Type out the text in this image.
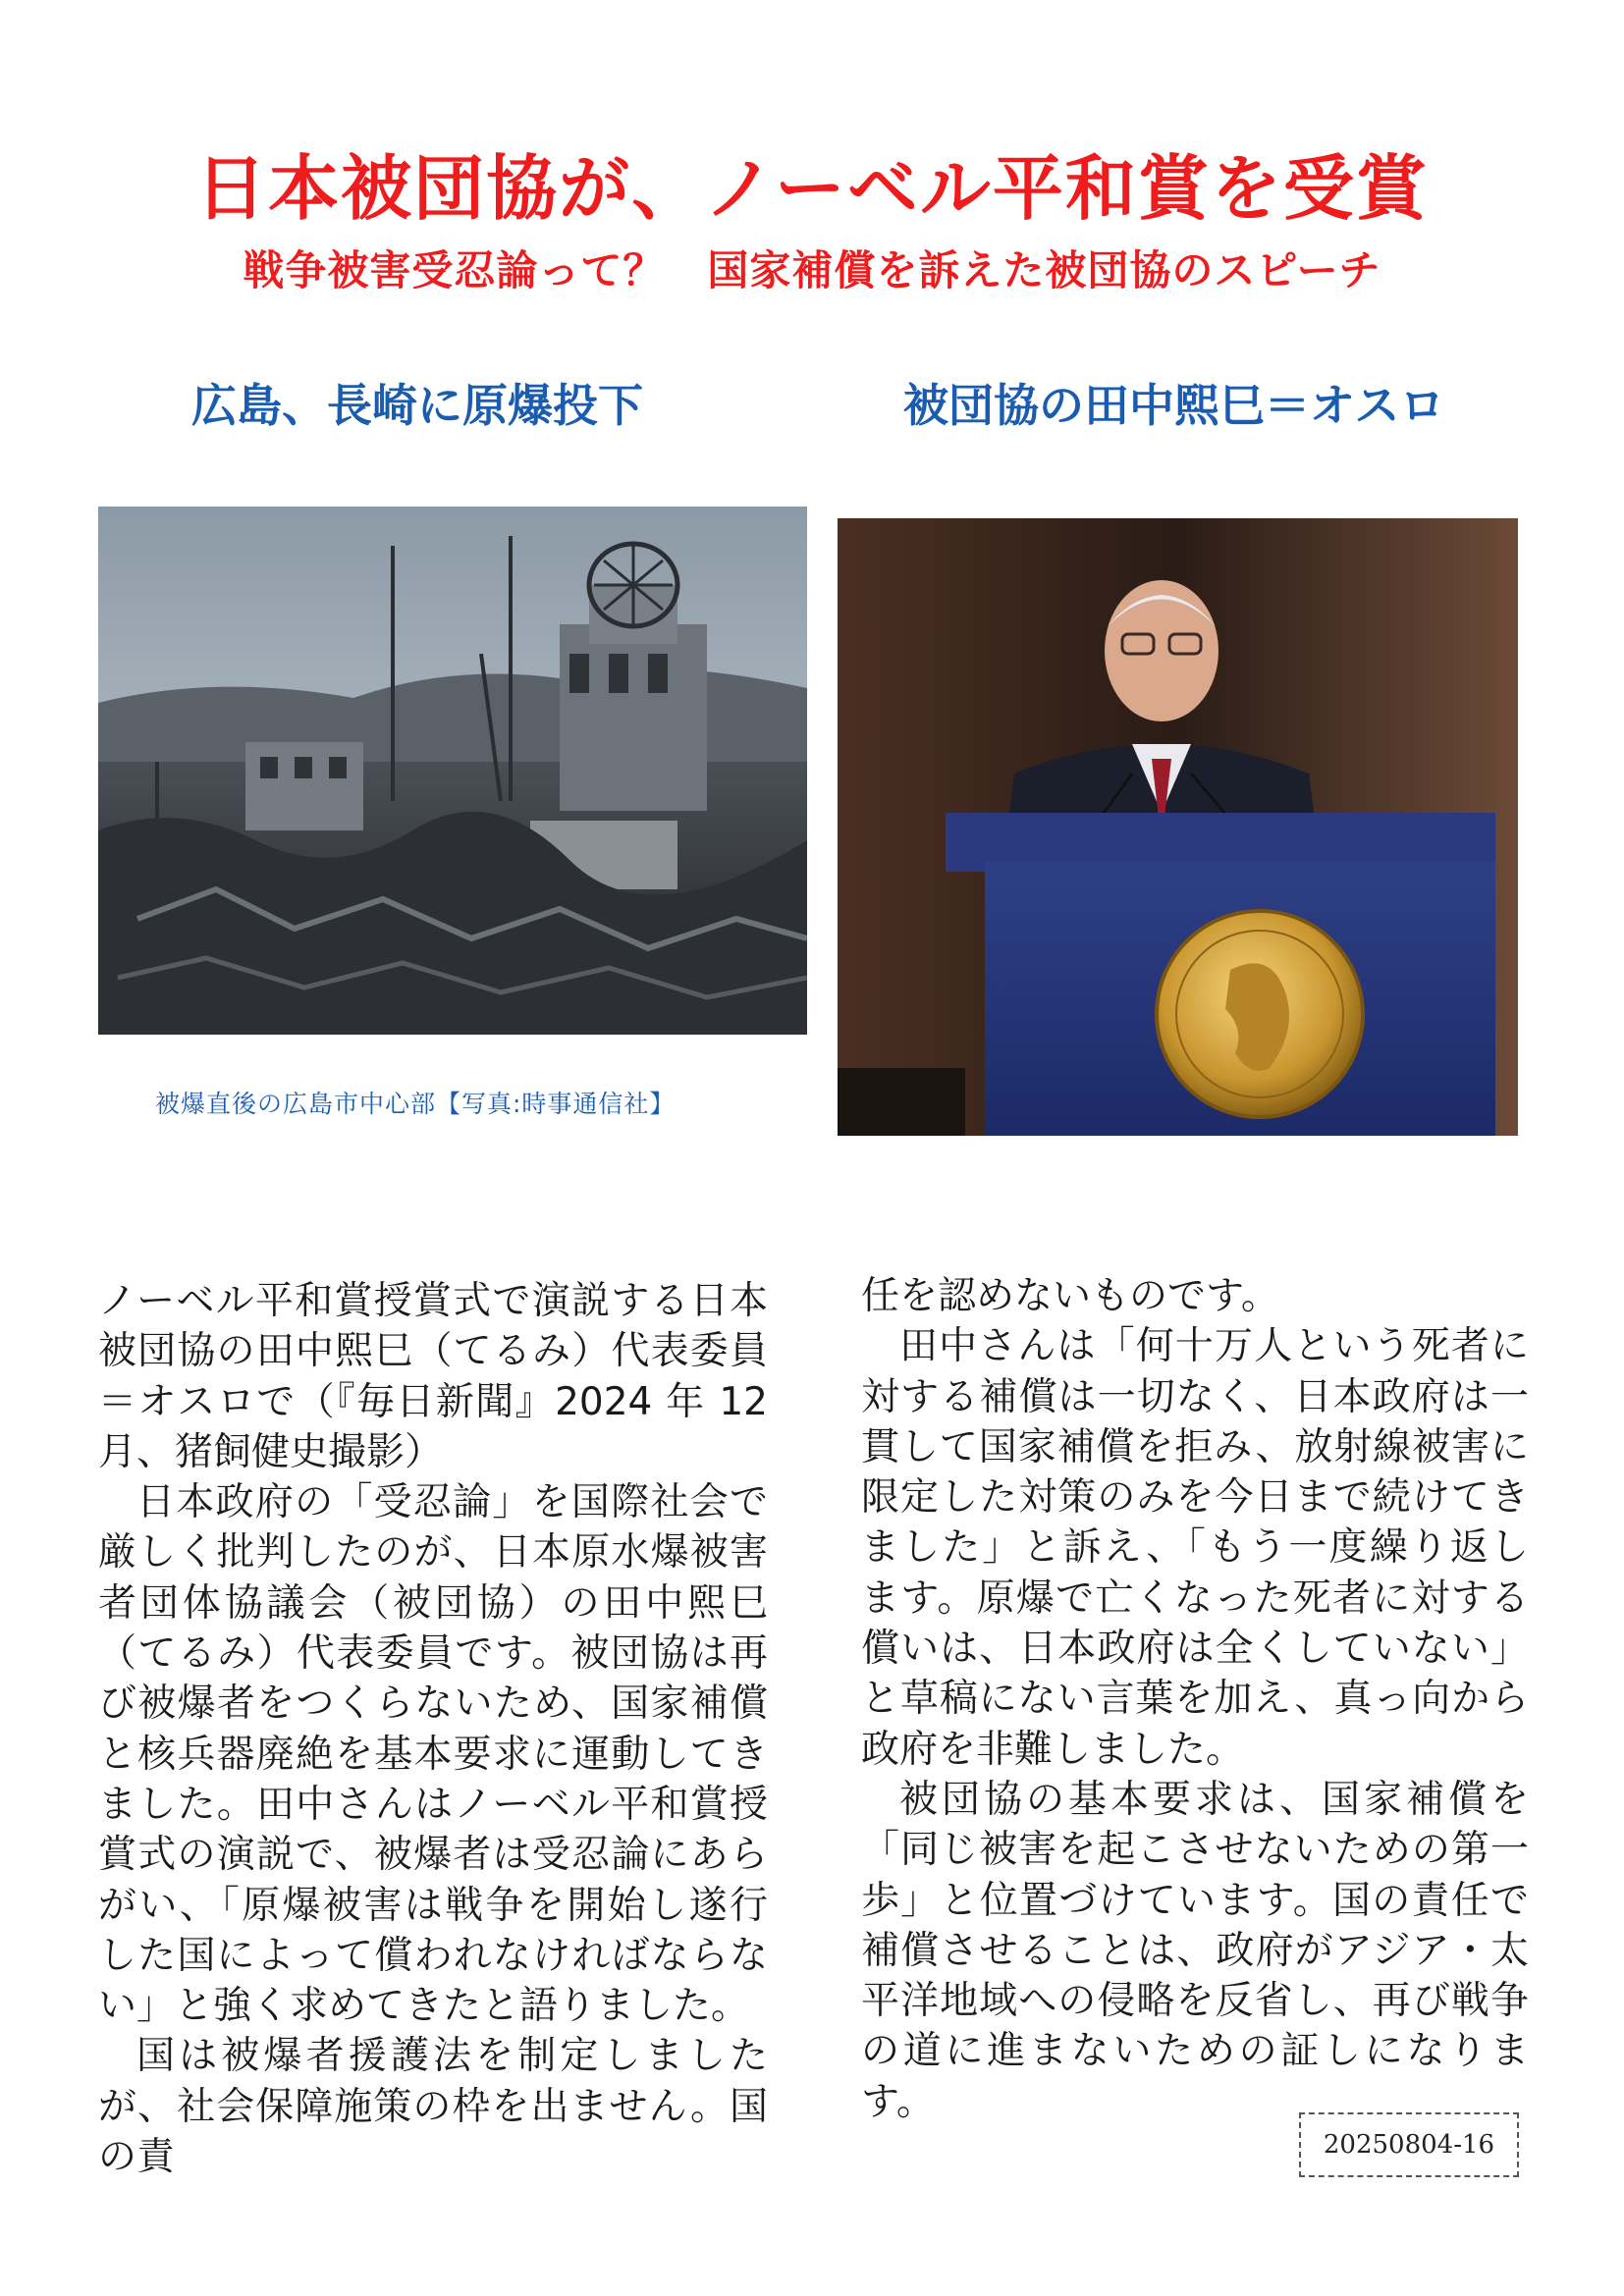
日本被団協が、ノーベル平和賞を受賞
戦争被害受忍論って？　国家補償を訴えた被団協のスピーチ
広島、長崎に原爆投下	被団協の田中熙巳＝オスロ
被爆直後の広島市中心部【写真:時事通信社】

ノーベル平和賞授賞式で演説する日本被団協の田中熙巳（てるみ）代表委員＝オスロで（『毎日新聞』2024 年 12 月、猪飼健史撮影）

日本政府の「受忍論」を国際社会で厳しく批判したのが、日本原水爆被害者団体協議会（被団協）の田中熙巳（てるみ）代表委員です。被団協は再び被爆者をつくらないため、国家補償と核兵器廃絶を基本要求に運動してきました。田中さんはノーベル平和賞授賞式の演説で、被爆者は受忍論にあらがい、「原爆被害は戦争を開始し遂行した国によって償われなければならない」と強く求めてきたと語りました。

国は被爆者援護法を制定しましたが、社会保障施策の枠を出ません。国の責

任を認めないものです。

田中さんは「何十万人という死者に対する補償は一切なく、日本政府は一貫して国家補償を拒み、放射線被害に限定した対策のみを今日まで続けてきました」と訴え、「もう一度繰り返します。原爆で亡くなった死者に対する償いは、日本政府は全くしていない」と草稿にない言葉を加え、真っ向から政府を非難しました。

被団協の基本要求は、国家補償を「同じ被害を起こさせないための第一歩」と位置づけています。国の責任で補償させることは、政府がアジア・太平洋地域への侵略を反省し、再び戦争の道に進まないための証しになります。

20250804-16
